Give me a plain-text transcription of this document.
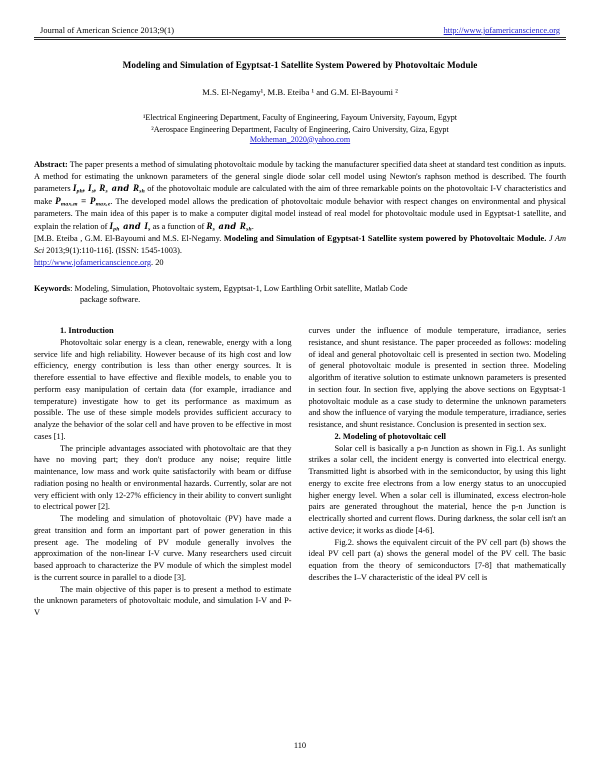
Journal of American Science 2013;9(1)	http://www.jofamericanscience.org
Modeling and Simulation of Egyptsat-1 Satellite System Powered by Photovoltaic Module
M.S. El-Negamy¹, M.B. Eteiba ¹ and G.M. El-Bayoumi ²
¹Electrical Engineering Department, Faculty of Engineering, Fayoum University, Fayoum, Egypt
²Aerospace Engineering Department, Faculty of Engineering, Cairo University, Giza, Egypt
Mokheman_2020@yahoo.com

Abstract: The paper presents a method of simulating photovoltaic module by tacking the manufacturer specified data sheet at standard test condition as inputs. A method for estimating the unknown parameters of the general single diode solar cell model using Newton's raphson method is described. The fourth parameters $I_{ph}$, $I_s$, $R_s$ and $R_{sh}$ of the photovoltaic module are calculated with the aim of three remarkable points on the photovoltaic I-V characteristics and make $P_{max,m} = P_{max,e}$. The developed model allows the predication of photovoltaic module behavior with respect changes on environmental and physical parameters. The main idea of this paper is to make a computer digital model instead of real model for photovoltaic module used in Egyptsat-1 satellite, and explain the relation of $I_{ph}$ and $I_s$ as a function of $R_s$ and $R_{sh}$.

[M.B. Eteiba , G.M. El-Bayoumi and M.S. El-Negamy. Modeling and Simulation of Egyptsat-1 Satellite system powered by Photovoltaic Module. J Am Sci 2013;9(1):110-116]. (ISSN: 1545-1003).
http://www.jofamericanscience.org. 20

Keywords: Modeling, Simulation, Photovoltaic system, Egyptsat-1, Low Earthling Orbit satellite, Matlab Code
package software.

1. Introduction

Photovoltaic solar energy is a clean, renewable, energy with a long service life and high reliability. However because of its high cost and low efficiency, energy contribution is less than other energy sources. It is therefore essential to have effective and flexible models, to enable you to perform easy manipulation of certain data (for example, irradiance and temperature) investigate how to get its performance as maximum as possible. The use of these simple models provides sufficient accuracy to analyze the behavior of the solar cell and have proven to be effective in most cases [1].

The principle advantages associated with photovoltaic are that they have no moving part; they don't produce any noise; require little maintenance, low mass and work quite satisfactorily with beam or diffuse radiation posing no health or environmental hazards. Currently, solar are not very efficient with only 12-27% efficiency in their ability to convert sunlight to electrical power [2].

The modeling and simulation of photovoltaic (PV) have made a great transition and form an important part of power generation in this present age. The modeling of PV module generally involves the approximation of the non-linear I-V curve. Many researchers used circuit based approach to characterize the PV module of which the simplest model is the current source in parallel to a diode [3].

The main objective of this paper is to present a method to estimate the unknown parameters of photovoltaic module, and simulation I-V and P-V

curves under the influence of module temperature, irradiance, series resistance, and shunt resistance. The paper proceeded as follows: modeling of ideal and general photovoltaic cell is presented in section two. Modeling of general photovoltaic module is presented in section three. Modeling algorithm of iterative solution to estimate unknown parameters is presented in section four. In section five, applying the above sections on Egyptsat-1 photovoltaic module as a case study to determine the unknown parameters and show the influence of varying the module temperature, irradiance, series resistance, and shunt resistance. Conclusion is presented in section sex.

2. Modeling of photovoltaic cell

Solar cell is basically a p-n Junction as shown in Fig.1. As sunlight strikes a solar cell, the incident energy is converted into electrical energy. Transmitted light is absorbed with in the semiconductor, by using this light energy to excite free electrons from a low energy status to an unoccupied higher energy level. When a solar cell is illuminated, excess electron-hole pairs are generated throughout the material, hence the p-n Junction is electrically shorted and current flows. During darkness, the solar cell isn't an active device; it works as diode [4-6].

Fig.2. shows the equivalent circuit of the PV cell part (b) shows the ideal PV cell part (a) shows the general model of the PV cell. The basic equation from the theory of semiconductors [7-8] that mathematically describes the I–V characteristic of the ideal PV cell is

110
